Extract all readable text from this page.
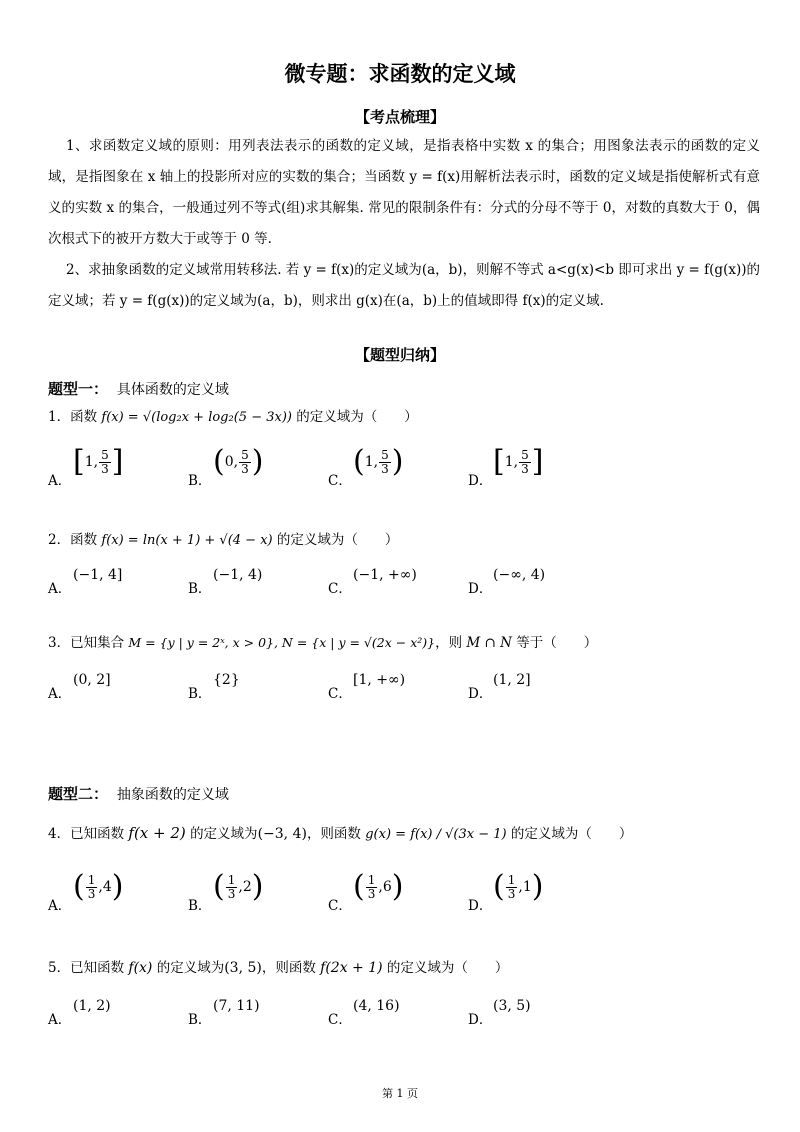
微专题：求函数的定义域
【考点梳理】
1、求函数定义域的原则：用列表法表示的函数的定义域，是指表格中实数 x 的集合；用图象法表示的函数的定义域，是指图象在 x 轴上的投影所对应的实数的集合；当函数 y = f(x)用解析法表示时，函数的定义域是指使解析式有意义的实数 x 的集合，一般通过列不等式(组)求其解集. 常见的限制条件有：分式的分母不等于 0，对数的真数大于 0，偶次根式下的被开方数大于或等于 0 等.
2、求抽象函数的定义域常用转移法. 若 y = f(x)的定义域为(a，b)，则解不等式 a<g(x)<b 即可求出 y = f(g(x))的定义域；若 y = f(g(x))的定义域为(a，b)，则求出 g(x)在(a，b)上的值域即得 f(x)的定义域.
【题型归纳】
题型一： 具体函数的定义域
1．函数 f(x) = √(log₂x + log₂(5 − 3x)) 的定义域为（　　）
A．
[ 1 , $\frac{5}{3}$ ]
B．
( 0 , $\frac{5}{3}$ )
C．
( 1 , $\frac{5}{3}$ )
D．
[ 1 , $\frac{5}{3}$ ]
2．函数 f(x) = ln(x + 1) + √(4 − x) 的定义域为（　　）
A．
(−1, 4]
B．
(−1, 4)
C．
(−1, +∞)
D．
(−∞, 4)
3．已知集合 M = {y | y = 2ˣ, x > 0}, N = {x | y = √(2x − x²)}，则 M ∩ N 等于（　　）
A．
(0, 2]
B．
{2}
C．
[1, +∞)
D．
(1, 2]
题型二： 抽象函数的定义域
4．已知函数 f(x + 2) 的定义域为(−3, 4)，则函数 g(x) = f(x) / √(3x − 1) 的定义域为（　　）
A．
( $\frac{1}{3}$ , 4 )
B．
( $\frac{1}{3}$ , 2 )
C．
( $\frac{1}{3}$ , 6 )
D．
( $\frac{1}{3}$ , 1 )
5．已知函数 f(x) 的定义域为(3, 5)，则函数 f(2x + 1) 的定义域为（　　）
A．
(1, 2)
B．
(7, 11)
C．
(4, 16)
D．
(3, 5)
第 1 页
